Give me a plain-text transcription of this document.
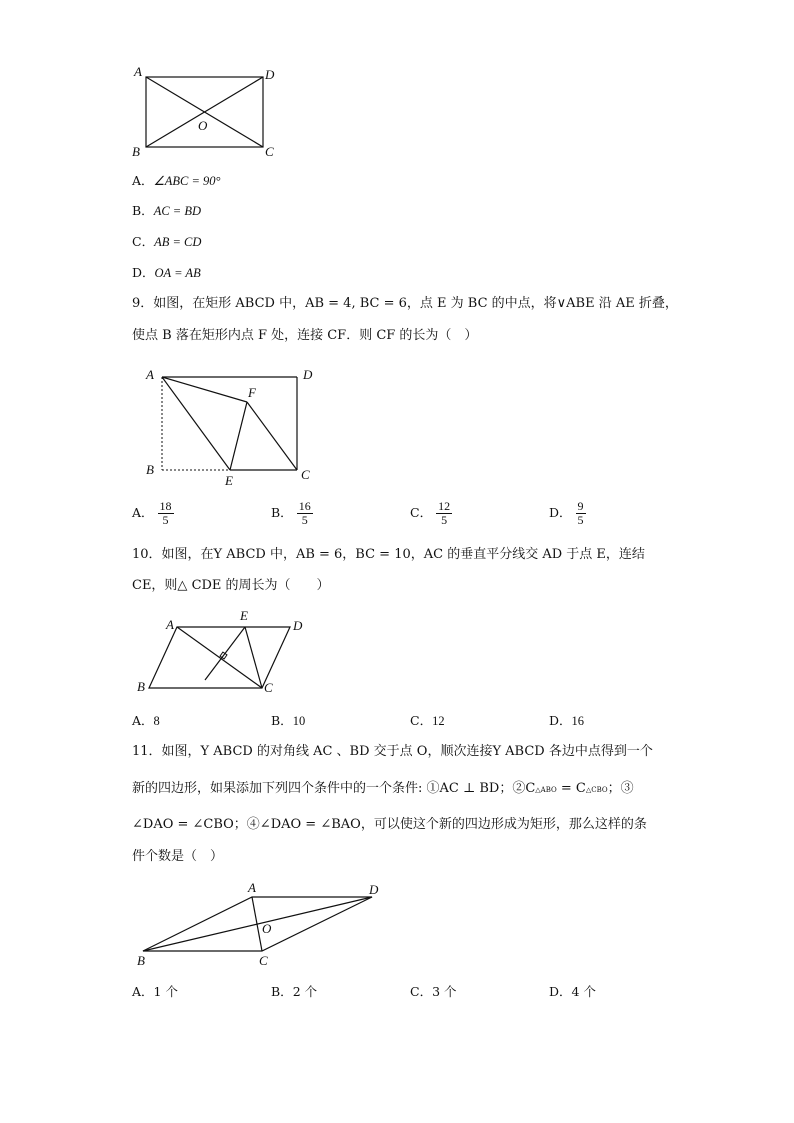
A	D
B	C
O
A．∠ABC = 90°
B．AC = BD
C．AB = CD
D．OA = AB
9．如图，在矩形 ABCD 中，AB = 4, BC = 6，点 E 为 BC 的中点，将∨ABE 沿 AE 折叠，
使点 B 落在矩形内点 F 处，连接 CF．则 CF 的长为（　）
A	D
F
B
E	C
A． $\frac{18}{5}$	B． $\frac{16}{5}$	C． $\frac{12}{5}$	D． $\frac{9}{5}$
10．如图，在Y ABCD 中，AB = 6，BC = 10，AC 的垂直平分线交 AD 于点 E，连结
CE，则△ CDE 的周长为（　　）
A
E
D
B	C
A．8	B．10	C．12	D．16
11．如图，Y ABCD 的对角线 AC 、BD 交于点 O，顺次连接Y ABCD 各边中点得到一个
新的四边形，如果添加下列四个条件中的一个条件: ①AC ⊥ BD；②C△ABO = C△CBO；③
∠DAO = ∠CBO；④∠DAO = ∠BAO，可以使这个新的四边形成为矩形，那么这样的条
件个数是（　）
A	D
O
B	C
A．1 个	B．2 个	C．3 个	D．4 个
